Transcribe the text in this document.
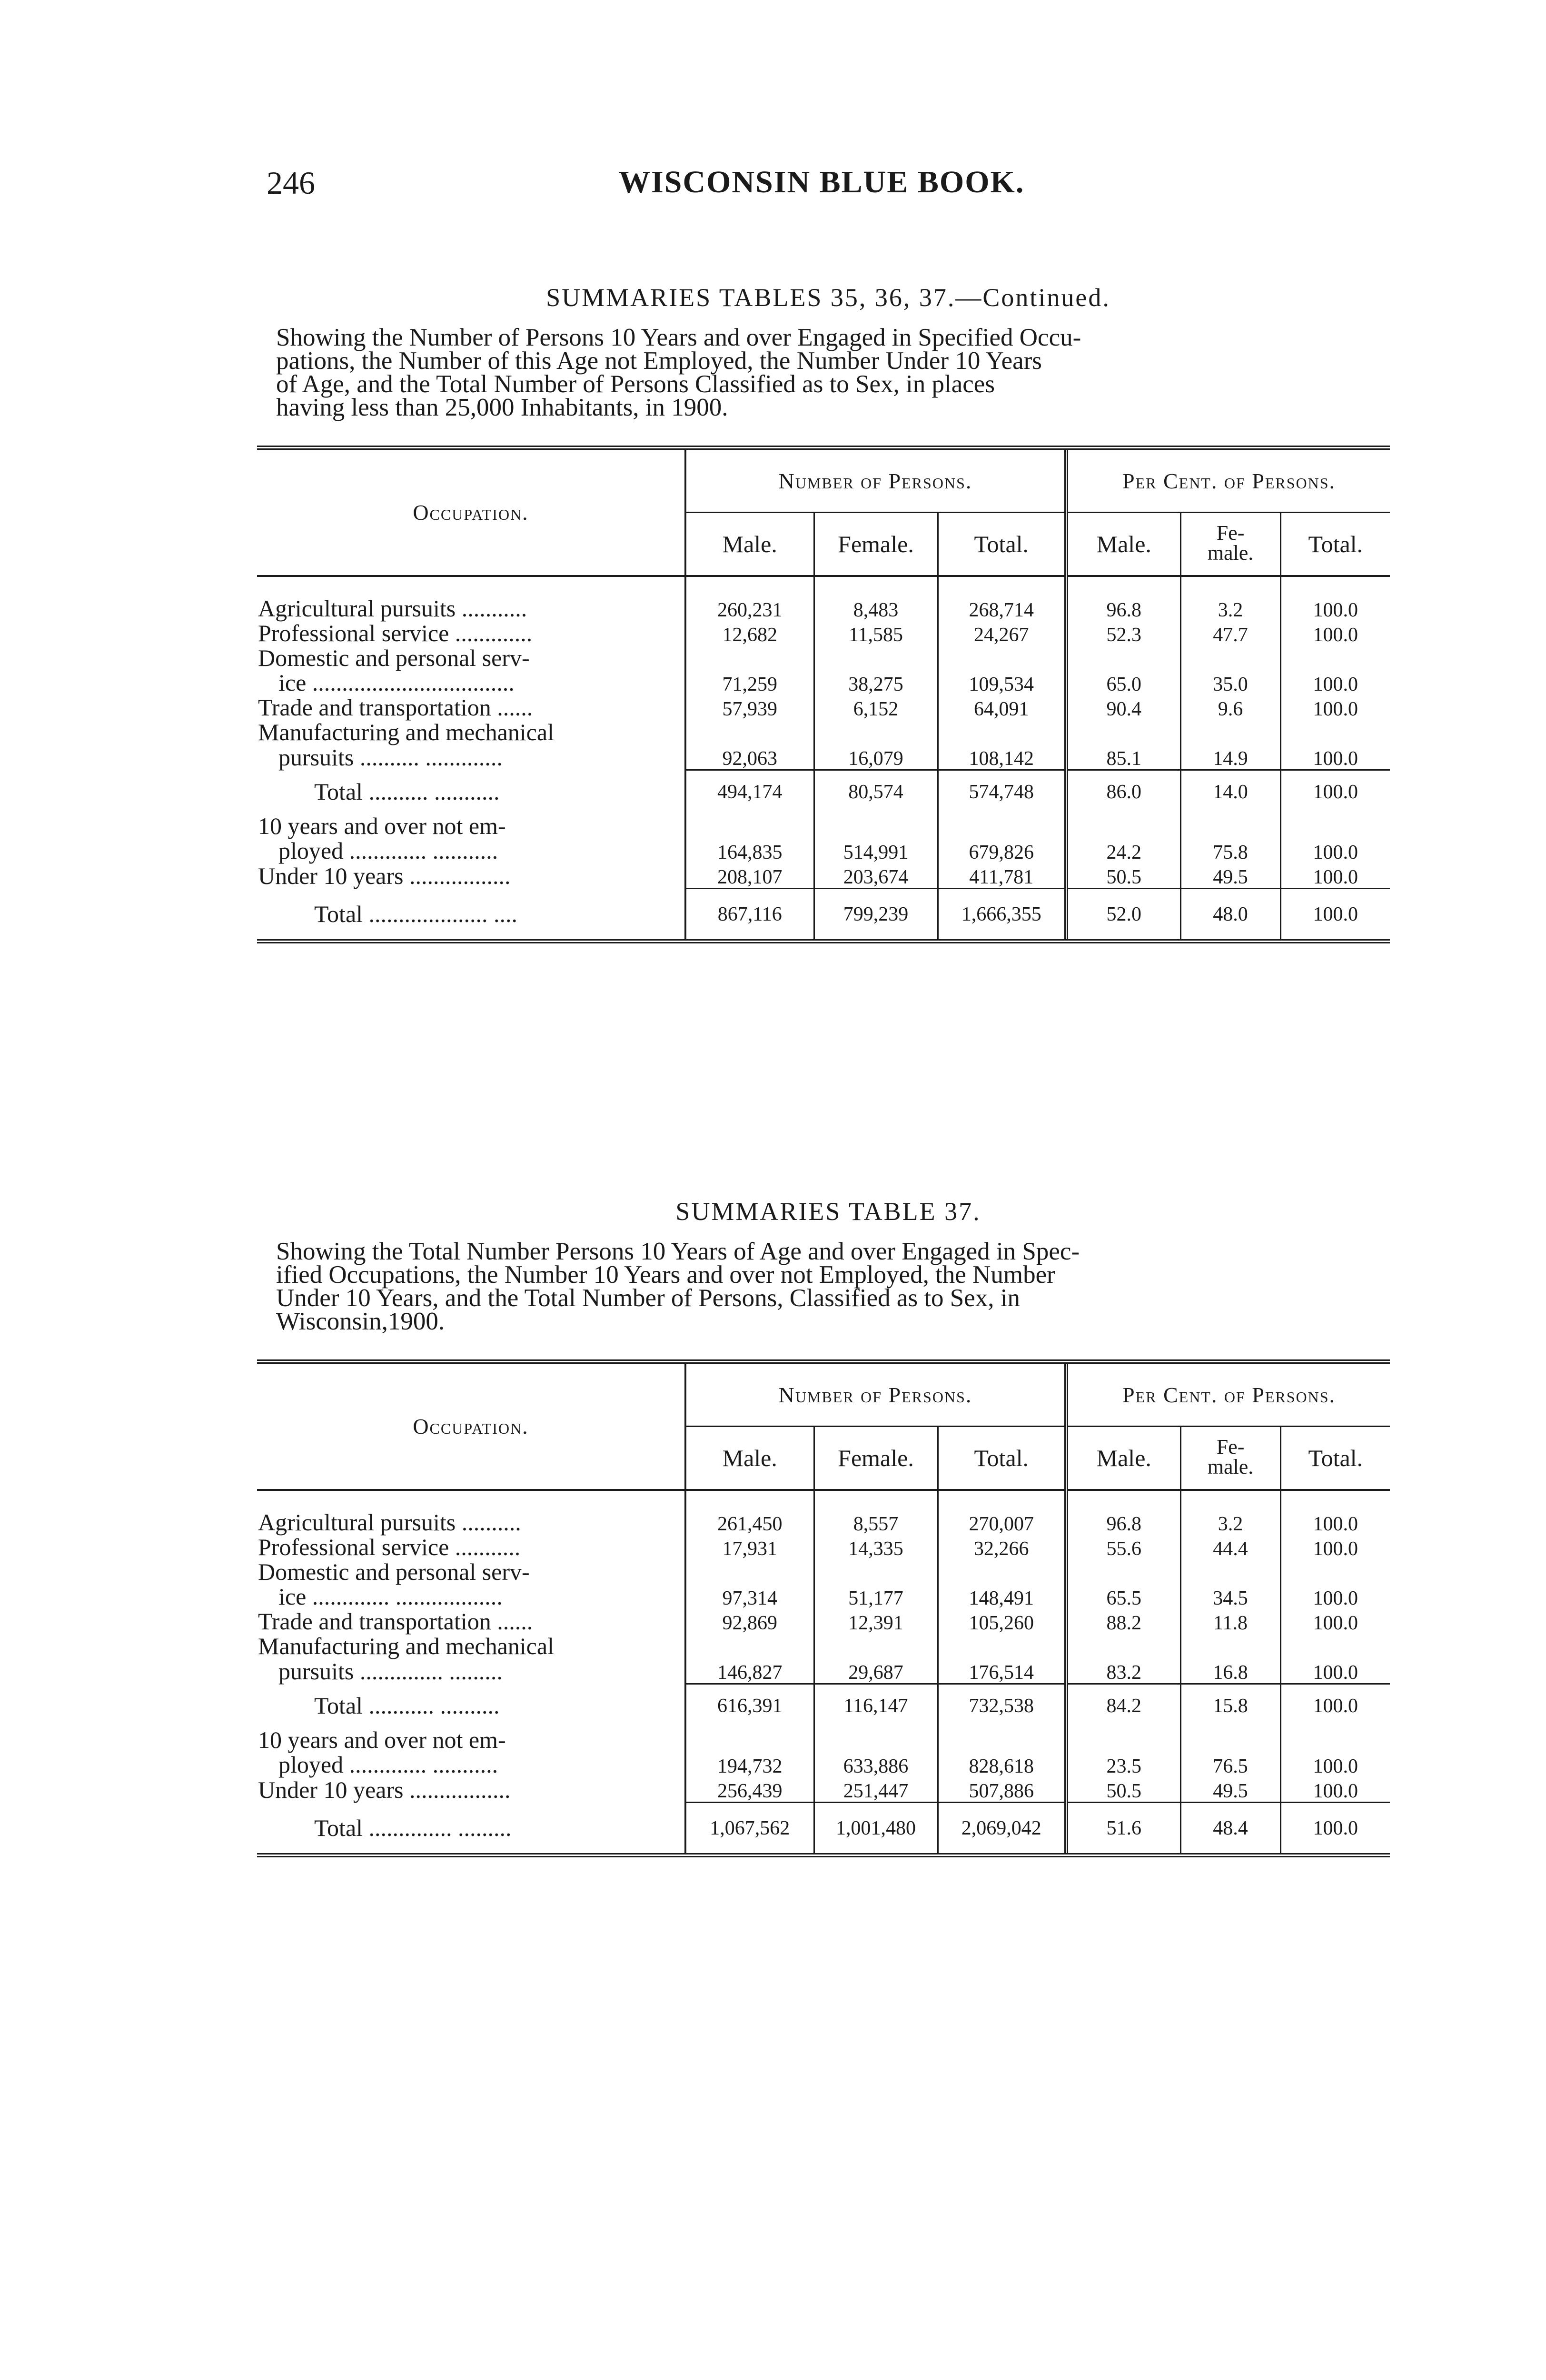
246	WISCONSIN BLUE BOOK.
SUMMARIES TABLES 35, 36, 37.—Continued.
Showing the Number of Persons 10 Years and over Engaged in Specified Occu-
pations, the Number of this Age not Employed, the Number Under 10 Years
of Age, and the Total Number of Persons Classified as to Sex, in places
having less than 25,000 Inhabitants, in 1900.
Occupation.	Number of Persons.			Per Cent. of Persons.		
	Male.	Female.	Total.	Male.	Fe-
male.	Total.

Agricultural pursuits ...........	260,231	8,483	268,714	96.8	3.2	100.0
Professional service .............	12,682	11,585	24,267	52.3	47.7	100.0
Domestic and personal serv-						
ice ..................................	71,259	38,275	109,534	65.0	35.0	100.0
Trade and transportation ......	57,939	6,152	64,091	90.4	9.6	100.0
Manufacturing and mechanical						
pursuits .......... .............	92,063	16,079	108,142	85.1	14.9	100.0
Total .......... ...........	494,174	80,574	574,748	86.0	14.0	100.0
10 years and over not em-						
ployed ............. ...........	164,835	514,991	679,826	24.2	75.8	100.0
Under 10 years .................	208,107	203,674	411,781	50.5	49.5	100.0
Total .................... ....	867,116	799,239	1,666,355	52.0	48.0	100.0
SUMMARIES TABLE 37.
Showing the Total Number Persons 10 Years of Age and over Engaged in Spec-
ified Occupations, the Number 10 Years and over not Employed, the Number
Under 10 Years, and the Total Number of Persons, Classified as to Sex, in
Wisconsin,1900.
Occupation.	Number of Persons.			Per Cent. of Persons.		
	Male.	Female.	Total.	Male.	Fe-
male.	Total.

Agricultural pursuits ..........	261,450	8,557	270,007	96.8	3.2	100.0
Professional service ...........	17,931	14,335	32,266	55.6	44.4	100.0
Domestic and personal serv-						
ice ............. ..................	97,314	51,177	148,491	65.5	34.5	100.0
Trade and transportation ......	92,869	12,391	105,260	88.2	11.8	100.0
Manufacturing and mechanical						
pursuits .............. .........	146,827	29,687	176,514	83.2	16.8	100.0
Total ........... ..........	616,391	116,147	732,538	84.2	15.8	100.0
10 years and over not em-						
ployed ............. ...........	194,732	633,886	828,618	23.5	76.5	100.0
Under 10 years .................	256,439	251,447	507,886	50.5	49.5	100.0
Total .............. .........	1,067,562	1,001,480	2,069,042	51.6	48.4	100.0
